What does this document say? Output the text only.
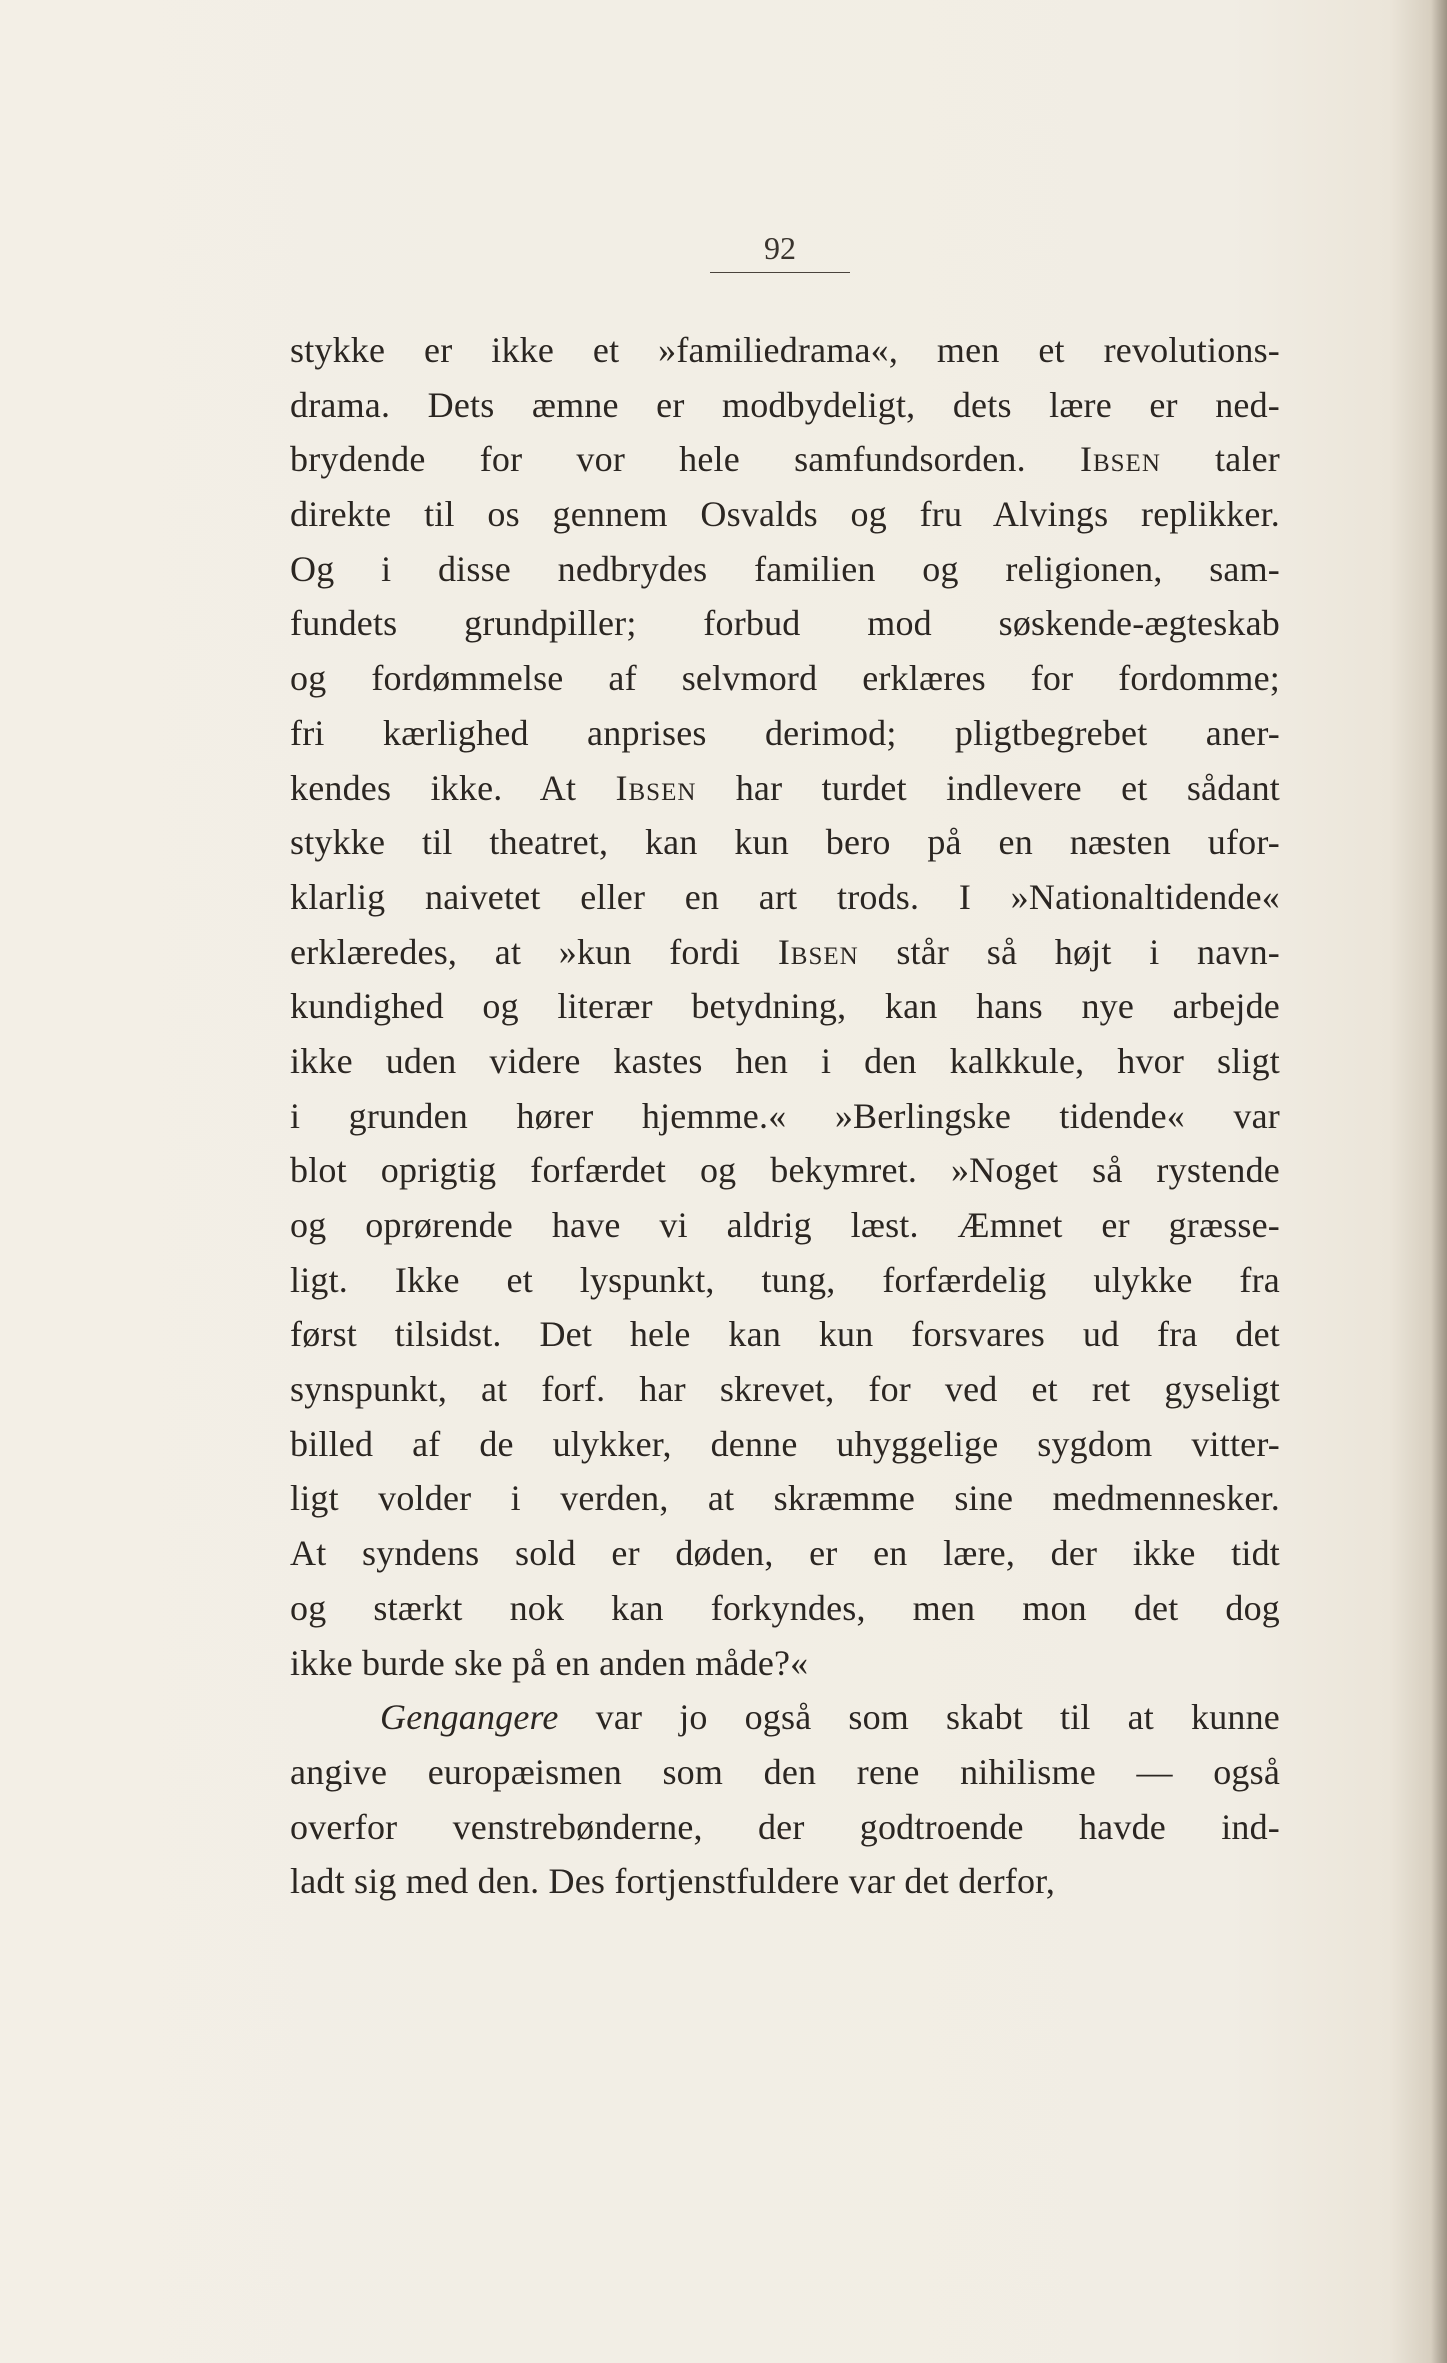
92
stykke er ikke et »familiedrama«, men et revolutions-
drama. Dets æmne er modbydeligt, dets lære er ned-
brydende for vor hele samfundsorden. Ibsen taler
direkte til os gennem Osvalds og fru Alvings replikker.
Og i disse nedbrydes familien og religionen, sam-
fundets grundpiller; forbud mod søskende-ægteskab
og fordømmelse af selvmord erklæres for fordomme;
fri kærlighed anprises derimod; pligtbegrebet aner-
kendes ikke. At Ibsen har turdet indlevere et sådant
stykke til theatret, kan kun bero på en næsten ufor-
klarlig naivetet eller en art trods. I »Nationaltidende«
erklæredes, at »kun fordi Ibsen står så højt i navn-
kundighed og literær betydning, kan hans nye arbejde
ikke uden videre kastes hen i den kalkkule, hvor sligt
i grunden hører hjemme.« »Berlingske tidende« var
blot oprigtig forfærdet og bekymret. »Noget så rystende
og oprørende have vi aldrig læst. Æmnet er græsse-
ligt. Ikke et lyspunkt, tung, forfærdelig ulykke fra
først tilsidst. Det hele kan kun forsvares ud fra det
synspunkt, at forf. har skrevet, for ved et ret gyseligt
billed af de ulykker, denne uhyggelige sygdom vitter-
ligt volder i verden, at skræmme sine medmennesker.
At syndens sold er døden, er en lære, der ikke tidt
og stærkt nok kan forkyndes, men mon det dog
ikke burde ske på en anden måde?«
Gengangere var jo også som skabt til at kunne
angive europæismen som den rene nihilisme — også
overfor venstrebønderne, der godtroende havde ind-
ladt sig med den. Des fortjenstfuldere var det derfor,
